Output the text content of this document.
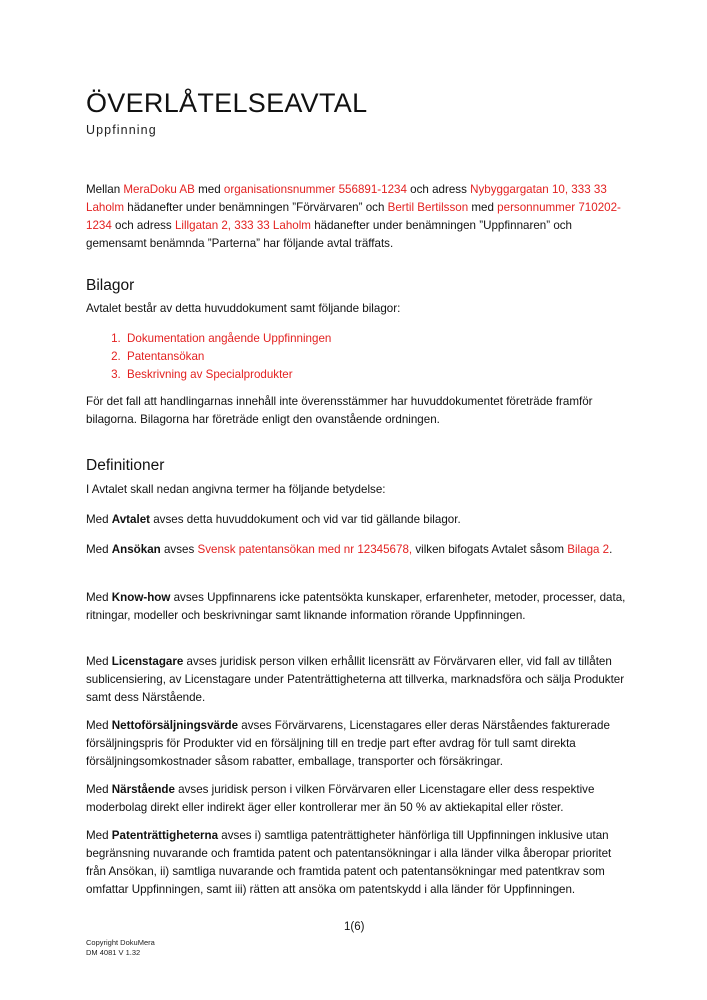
ÖVERLÅTELSEAVTAL
Uppfinning
Mellan MeraDoku AB med organisationsnummer 556891-1234 och adress Nybyggargatan 10, 333 33 Laholm hädanefter under benämningen ”Förvärvaren” och Bertil Bertilsson med personnummer 710202-1234 och adress Lillgatan 2, 333 33 Laholm hädanefter under benämningen ”Uppfinnaren” och gemensamt benämnda ”Parterna” har följande avtal träffats.
Bilagor
Avtalet består av detta huvuddokument samt följande bilagor:
1. Dokumentation angående Uppfinningen
2. Patentansökan
3. Beskrivning av Specialprodukter
För det fall att handlingarnas innehåll inte överensstämmer har huvuddokumentet företräde framför bilagorna. Bilagorna har företräde enligt den ovanstående ordningen.
Definitioner
I Avtalet skall nedan angivna termer ha följande betydelse:
Med Avtalet avses detta huvuddokument och vid var tid gällande bilagor.
Med Ansökan avses Svensk patentansökan med nr 12345678, vilken bifogats Avtalet såsom Bilaga 2.
Med Know-how avses Uppfinnarens icke patentsökta kunskaper, erfarenheter, metoder, processer, data, ritningar, modeller och beskrivningar samt liknande information rörande Uppfinningen.
Med Licenstagare avses juridisk person vilken erhållit licensrätt av Förvärvaren eller, vid fall av tillåten sublicensiering, av Licenstagare under Patenträttigheterna att tillverka, marknadsföra och sälja Produkter samt dess Närstående.
Med Nettoförsäljningsvärde avses Förvärvarens, Licenstagares eller deras Närståendes fakturerade försäljningspris för Produkter vid en försäljning till en tredje part efter avdrag för tull samt direkta försäljningsomkostnader såsom rabatter, emballage, transporter och försäkringar.
Med Närstående avses juridisk person i vilken Förvärvaren eller Licenstagare eller dess respektive moderbolag direkt eller indirekt äger eller kontrollerar mer än 50 % av aktiekapital eller röster.
Med Patenträttigheterna avses i) samtliga patenträttigheter hänförliga till Uppfinningen inklusive utan begränsning nuvarande och framtida patent och patentansökningar i alla länder vilka åberopar prioritet från Ansökan, ii) samtliga nuvarande och framtida patent och patentansökningar med patentkrav som omfattar Uppfinningen, samt iii) rätten att ansöka om patentskydd i alla länder för Uppfinningen.
1(6)
Copyright DokuMera
DM 4081 V 1.32
